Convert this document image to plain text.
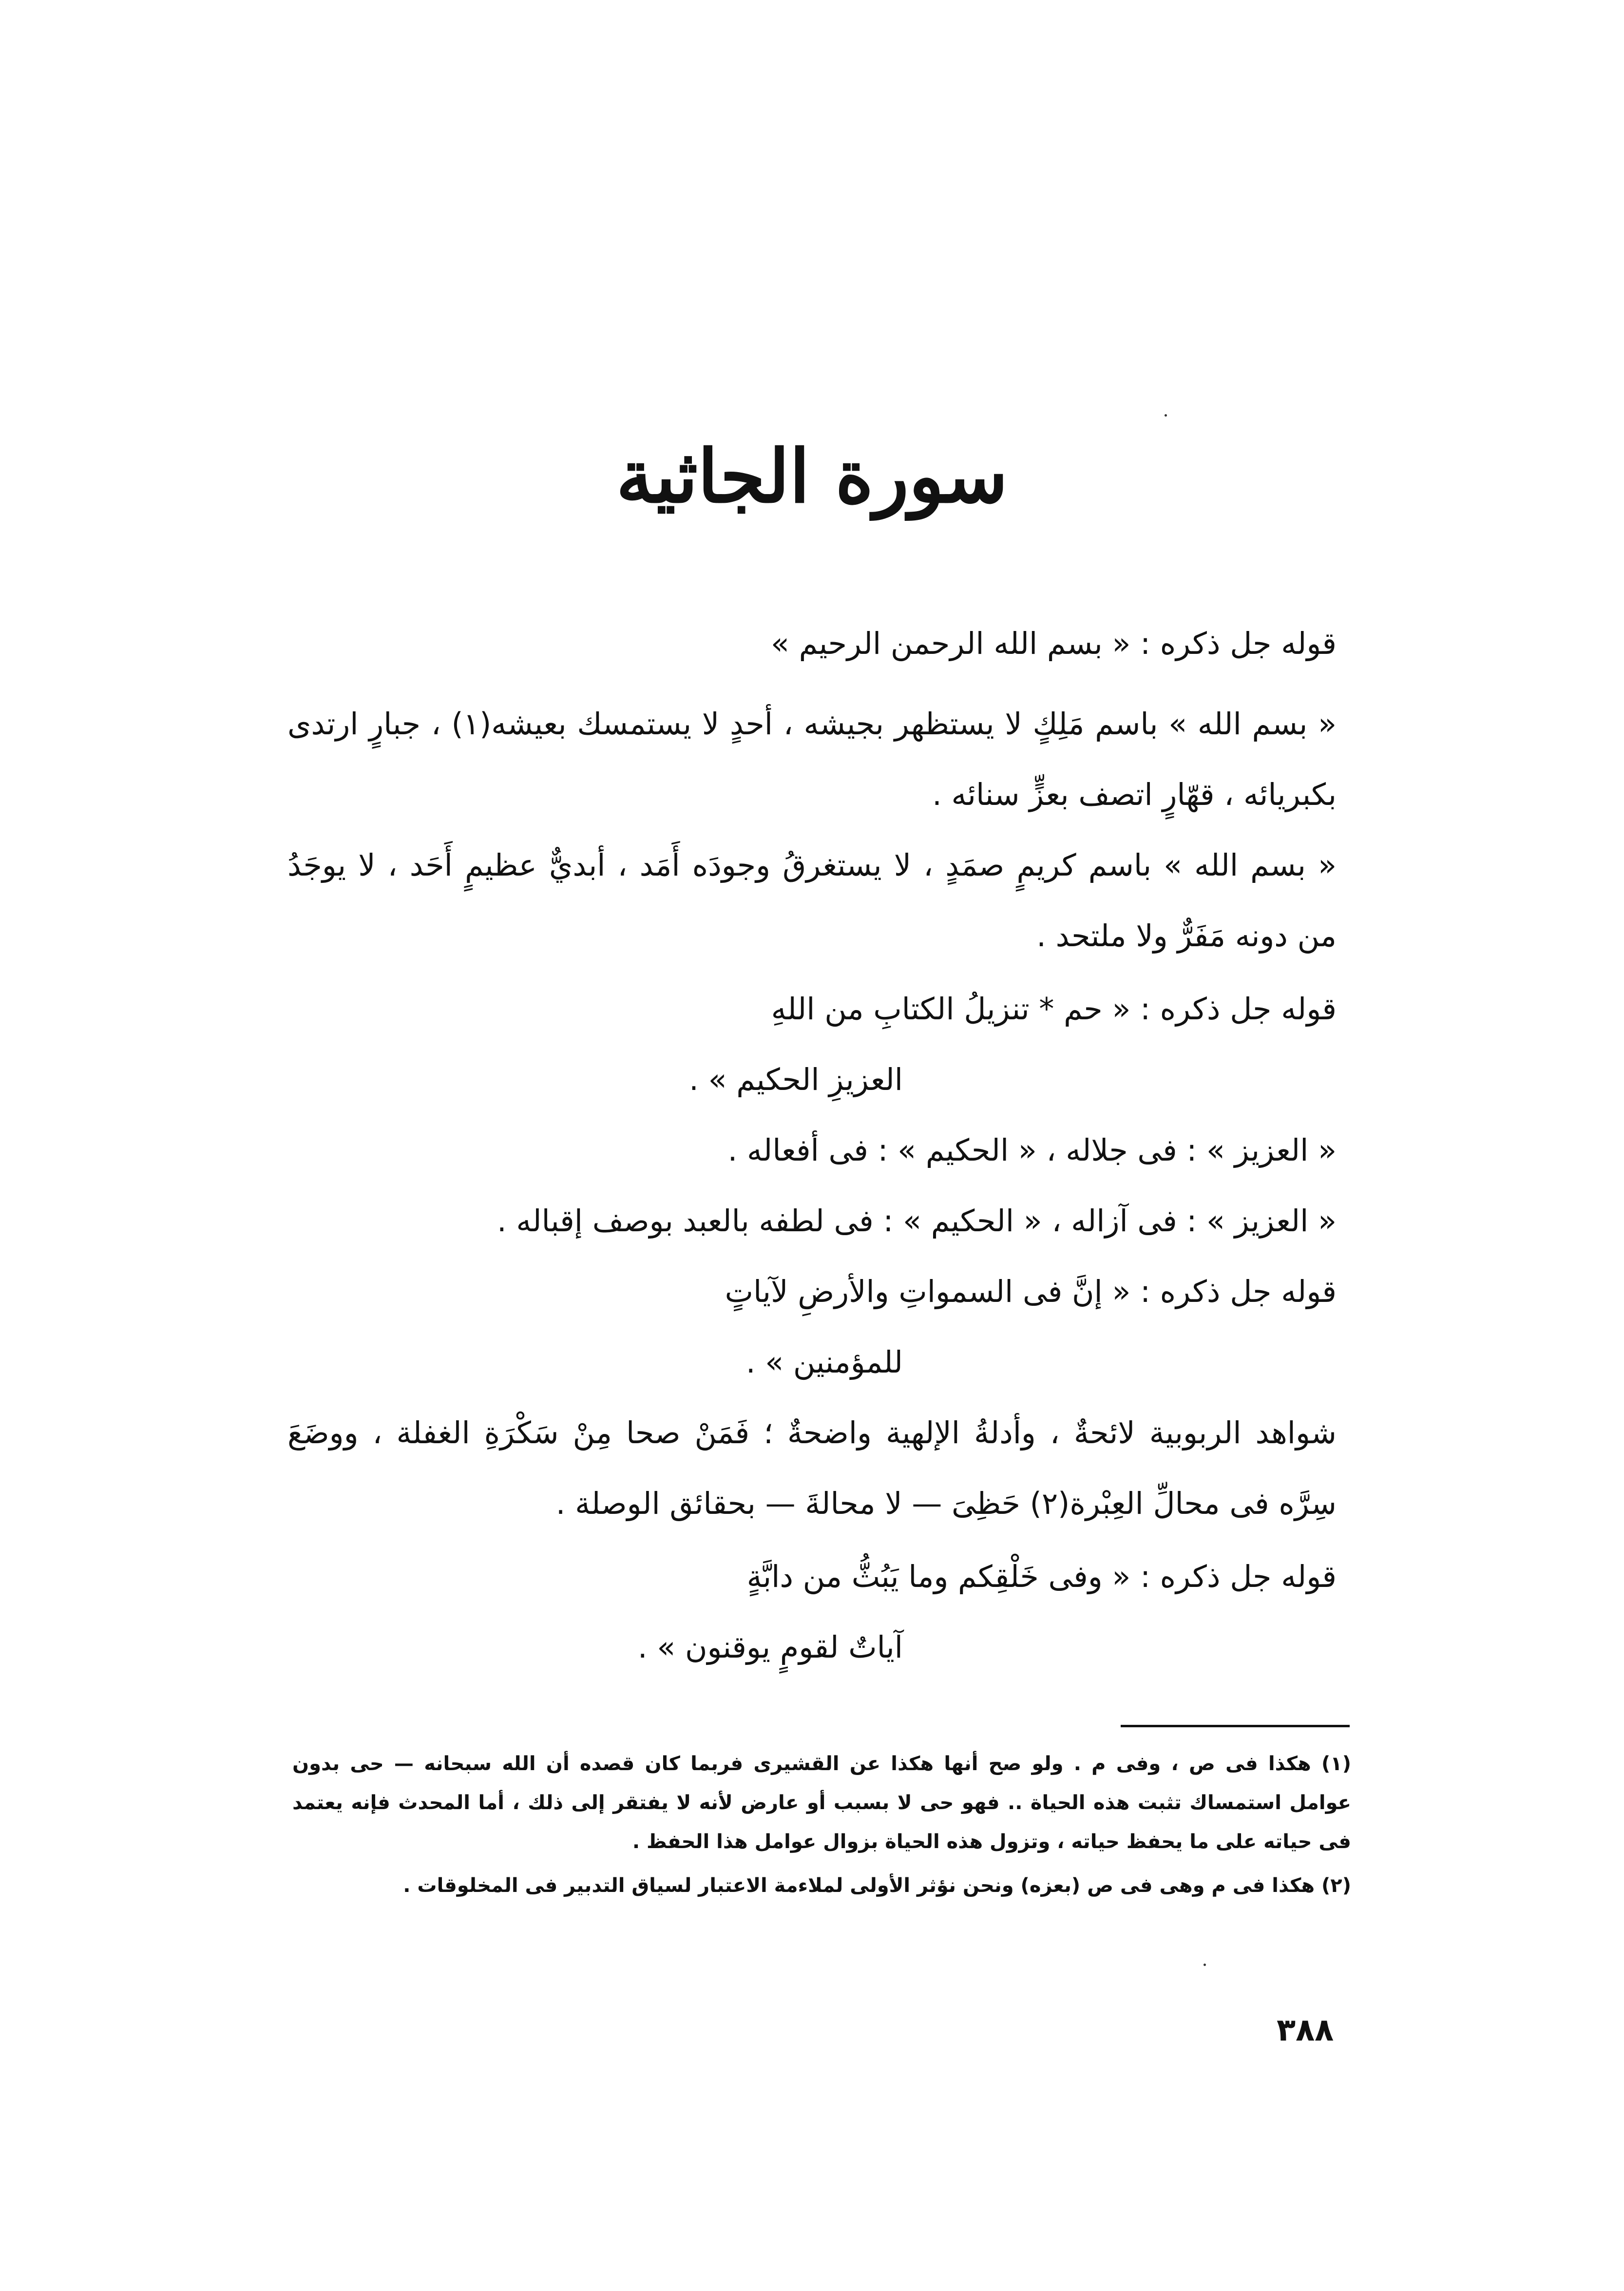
سورة الجاثية
قوله جل ذكره : « بسم الله الرحمن الرحيم »
« بسم الله » باسم مَلِكٍ لا يستظهر بجيشه ، أحدٍ لا يستمسك بعيشه(١) ، جبارٍ ارتدى
بكبريائه ، قهّارٍ اتصف بعزٍّ سنائه .
« بسم الله » باسم كريمٍ صمَدٍ ، لا يستغرقُ وجودَه أَمَد ، أبديٌّ عظيمٍ أَحَد ، لا يوجَدُ
من دونه مَفَرٌّ ولا ملتحد .
قوله جل ذكره : « حم * تنزيلُ الكتابِ من اللهِ
العزيزِ الحكيم » .
« العزيز » : فى جلاله ، « الحكيم » : فى أفعاله .
« العزيز » : فى آزاله ، « الحكيم » : فى لطفه بالعبد بوصف إقباله .
قوله جل ذكره : « إنَّ فى السمواتِ والأرضِ لآياتٍ
للمؤمنين » .
شواهد الربوبية لائحةٌ ، وأدلةُ الإلهية واضحةٌ ؛ فَمَنْ صحا مِنْ سَكْرَةِ الغفلة ، ووضَعَ
سِرَّه فى محالِّ العِبْرة(٢) حَظِىَ — لا محالةَ — بحقائق الوصلة .
قوله جل ذكره : « وفى خَلْقِكم وما يَبُثُّ من دابَّةٍ
آياتٌ لقومٍ يوقنون » .
(١) هكذا فى ص ، وفى م . ولو صح أنها هكذا عن القشيرى فربما كان قصده أن الله سبحانه — حى بدون
عوامل استمساك تثبت هذه الحياة .. فهو حى لا بسبب أو عارض لأنه لا يفتقر إلى ذلك ، أما المحدث فإنه يعتمد
فى حياته على ما يحفظ حياته ، وتزول هذه الحياة بزوال عوامل هذا الحفظ .
(٢) هكذا فى م وهى فى ص (بعزه) ونحن نؤثر الأولى لملاءمة الاعتبار لسياق التدبير فى المخلوقات .
٣٨٨
